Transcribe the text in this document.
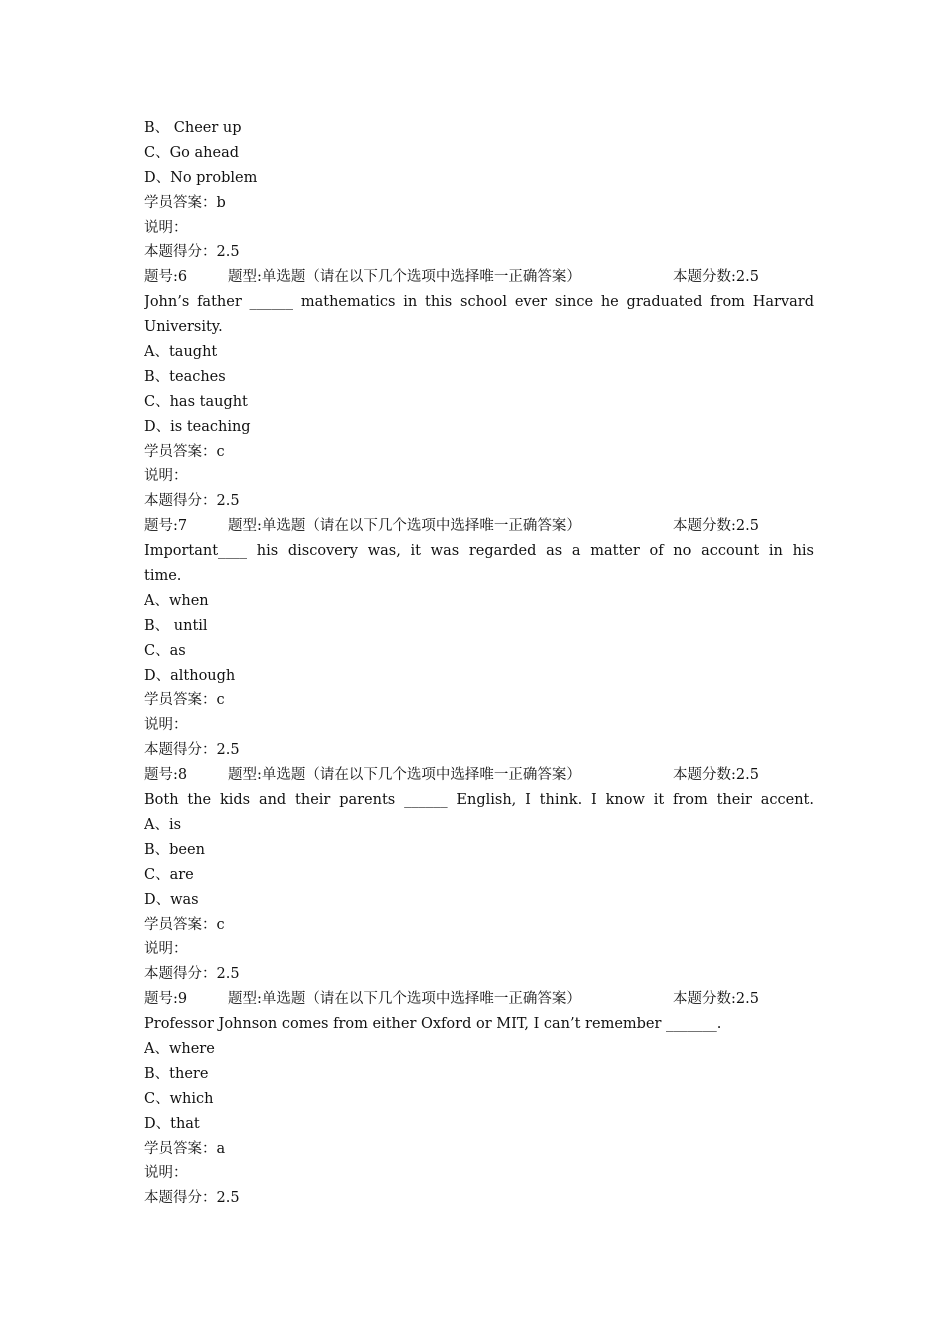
B、 Cheer up
C、Go ahead
D、No problem
学员答案：b
说明：
本题得分：2.5
题号:6	题型:单选题（请在以下几个选项中选择唯一正确答案）	本题分数:2.5
John’s father ______ mathematics in this school ever since he graduated from Harvard
University.
A、taught
B、teaches
C、has taught
D、is teaching
学员答案：c
说明：
本题得分：2.5
题号:7	题型:单选题（请在以下几个选项中选择唯一正确答案）	本题分数:2.5
Important____ his discovery was, it was regarded as a matter of no account in his
time.
A、when
B、 until
C、as
D、although
学员答案：c
说明：
本题得分：2.5
题号:8	题型:单选题（请在以下几个选项中选择唯一正确答案）	本题分数:2.5
Both the kids and their parents ______ English, I think. I know it from their accent.
A、is
B、been
C、are
D、was
学员答案：c
说明：
本题得分：2.5
题号:9	题型:单选题（请在以下几个选项中选择唯一正确答案）	本题分数:2.5
Professor Johnson comes from either Oxford or MIT, I can’t remember _______.
A、where
B、there
C、which
D、that
学员答案：a
说明：
本题得分：2.5
